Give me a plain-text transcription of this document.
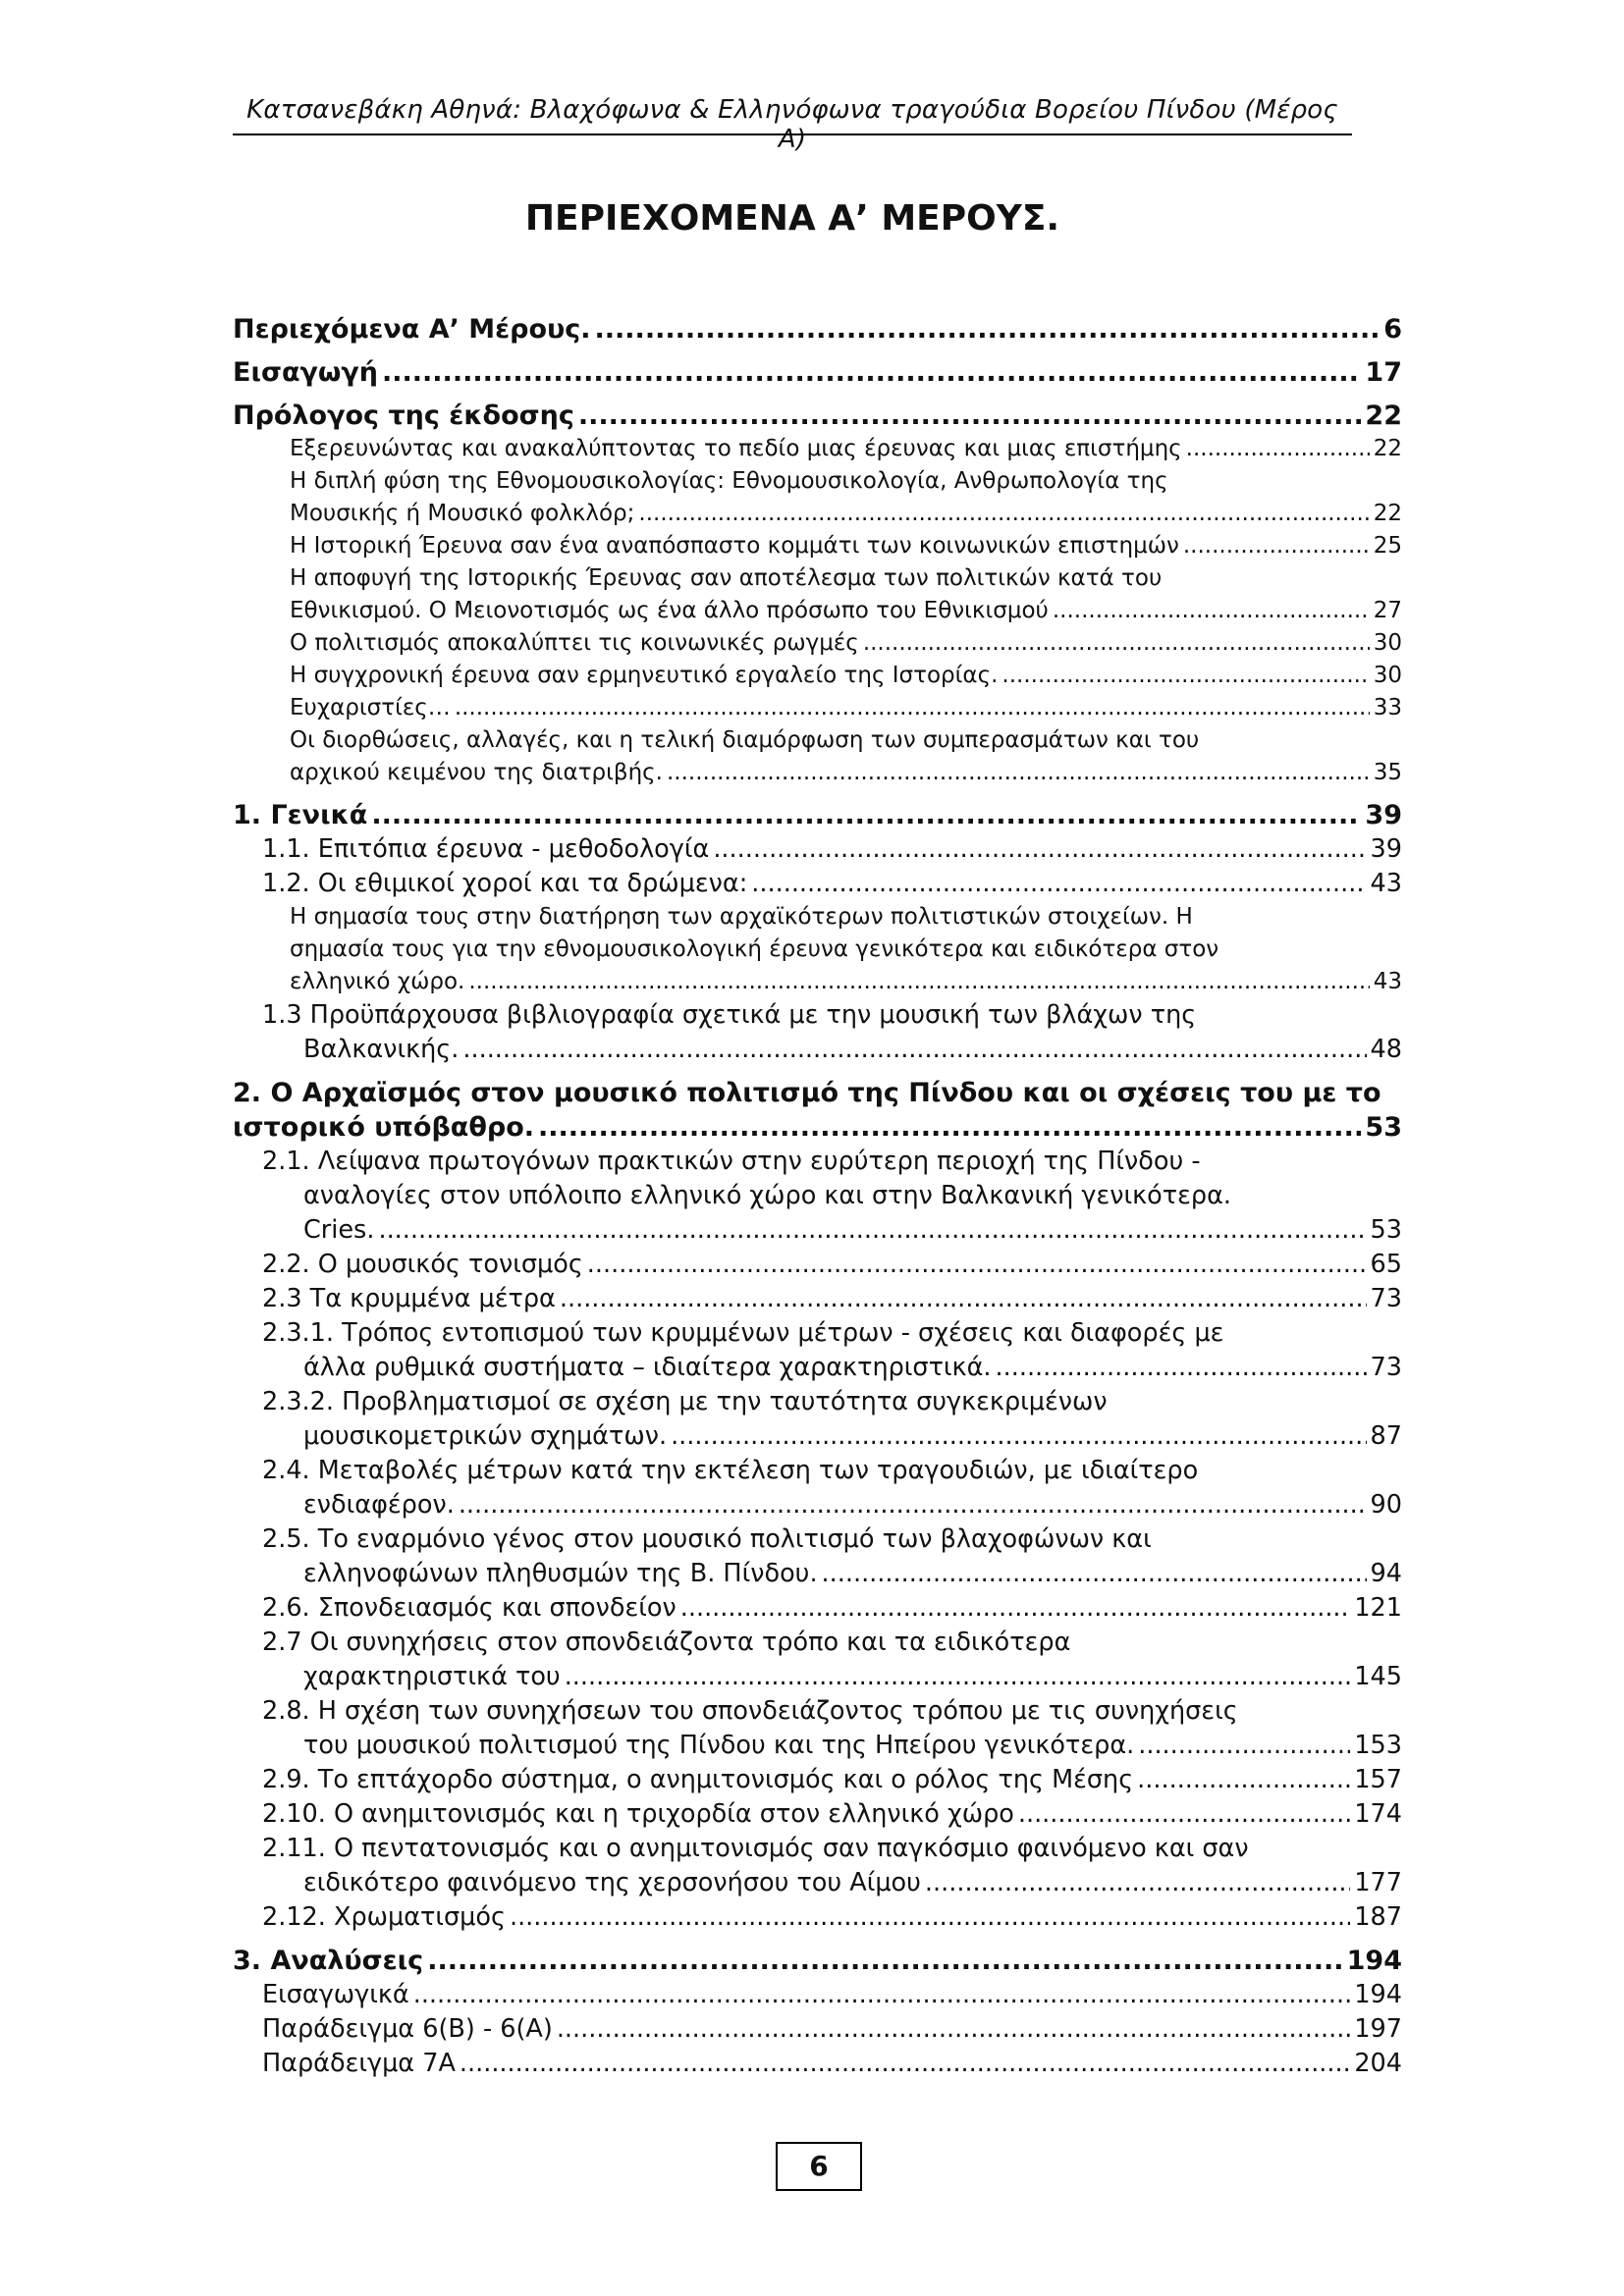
Κατσανεβάκη Αθηνά: Βλαχόφωνα & Ελληνόφωνα τραγούδια Βορείου Πίνδου (Μέρος Α)
ΠΕΡΙΕΧΟΜΕΝΑ Α’ ΜΕΡΟΥΣ.
Περιεχόμενα Α’ Μέρους. .....	6
Εισαγωγή .....	17
Πρόλογος της έκδοσης .....	22
Εξερευνώντας και ανακαλύπτοντας το πεδίο μιας έρευνας και μιας επιστήμης .....	22
Η διπλή φύση της Εθνομουσικολογίας: Εθνομουσικολογία, Ανθρωπολογία της
Μουσικής ή Μουσικό φολκλόρ; .....	22
Η Ιστορική Έρευνα σαν ένα αναπόσπαστο κομμάτι των κοινωνικών επιστημών .....	25
Η αποφυγή της Ιστορικής Έρευνας σαν αποτέλεσμα των πολιτικών κατά του
Εθνικισμού. Ο Μειονοτισμός ως ένα άλλο πρόσωπο του Εθνικισμού .....	27
Ο πολιτισμός αποκαλύπτει τις κοινωνικές ρωγμές .....	30
Η συγχρονική έρευνα σαν ερμηνευτικό εργαλείο της Ιστορίας. .....	30
Ευχαριστίες… .....	33
Οι διορθώσεις, αλλαγές, και η τελική διαμόρφωση των συμπερασμάτων και του
αρχικού κειμένου της διατριβής. .....	35
1. Γενικά .....	39
1.1. Επιτόπια έρευνα - μεθοδολογία .....	39
1.2. Οι εθιμικοί χοροί και τα δρώμενα: .....	43
Η σημασία τους στην διατήρηση των αρχαϊκότερων πολιτιστικών στοιχείων. Η
σημασία τους για την εθνομουσικολογική έρευνα γενικότερα και ειδικότερα στον
ελληνικό χώρο. .....	43
1.3 Προϋπάρχουσα βιβλιογραφία σχετικά με την μουσική των βλάχων της
Βαλκανικής. .....	48
2. Ο Αρχαϊσμός στον μουσικό πολιτισμό της Πίνδου και οι σχέσεις του με το
ιστορικό υπόβαθρο. .....	53
2.1. Λείψανα πρωτογόνων πρακτικών στην ευρύτερη περιοχή της Πίνδου -
αναλογίες στον υπόλοιπο ελληνικό χώρο και στην Βαλκανική γενικότερα.
Cries. .....	53
2.2. Ο μουσικός τονισμός .....	65
2.3 Τα κρυμμένα μέτρα .....	73
2.3.1. Τρόπος εντοπισμού των κρυμμένων μέτρων - σχέσεις και διαφορές με
άλλα ρυθμικά συστήματα – ιδιαίτερα χαρακτηριστικά. .....	73
2.3.2. Προβληματισμοί σε σχέση με την ταυτότητα συγκεκριμένων
μουσικομετρικών σχημάτων. .....	87
2.4. Μεταβολές μέτρων κατά την εκτέλεση των τραγουδιών, με ιδιαίτερο
ενδιαφέρον. .....	90
2.5. Το εναρμόνιο γένος στον μουσικό πολιτισμό των βλαχοφώνων και
ελληνοφώνων πληθυσμών της Β. Πίνδου. .....	94
2.6. Σπονδειασμός και σπονδείον .....	121
2.7 Οι συνηχήσεις στον σπονδειάζοντα τρόπο και τα ειδικότερα
χαρακτηριστικά του .....	145
2.8. Η σχέση των συνηχήσεων του σπονδειάζοντος τρόπου με τις συνηχήσεις
του μουσικού πολιτισμού της Πίνδου και της Ηπείρου γενικότερα. .....	153
2.9. Το επτάχορδο σύστημα, ο ανημιτονισμός και ο ρόλος της Μέσης .....	157
2.10. Ο ανημιτονισμός και η τριχορδία στον ελληνικό χώρο .....	174
2.11. Ο πεντατονισμός και ο ανημιτονισμός σαν παγκόσμιο φαινόμενο και σαν
ειδικότερο φαινόμενο της χερσονήσου του Αίμου .....	177
2.12. Χρωματισμός .....	187
3. Αναλύσεις .....	194
Εισαγωγικά .....	194
Παράδειγμα 6(Β) - 6(Α) .....	197
Παράδειγμα 7Α .....	204
6
